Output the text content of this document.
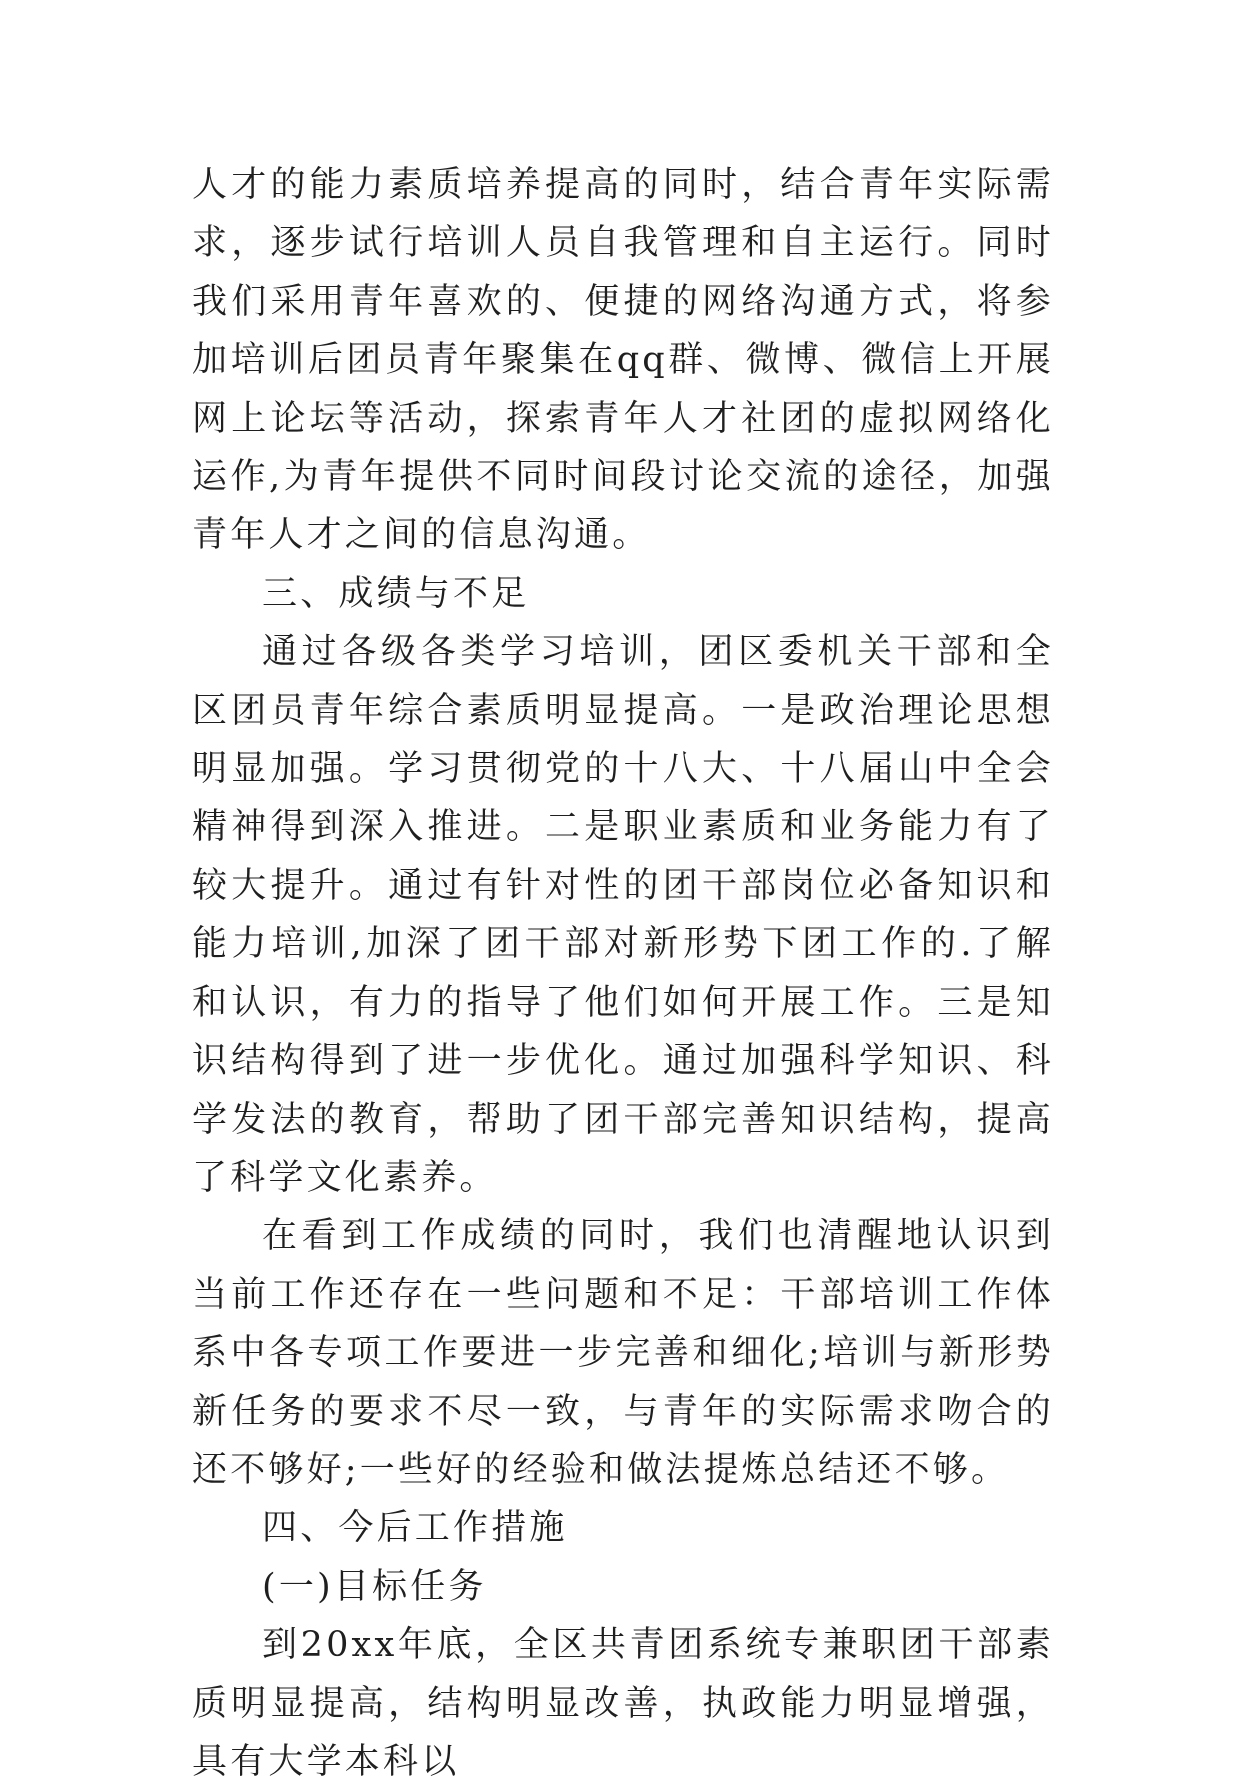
人才的能力素质培养提高的同时，结合青年实际需求，逐步试行培训人员自我管理和自主运行。同时我们采用青年喜欢的、便捷的网络沟通方式，将参加培训后团员青年聚集在qq群、微博、微信上开展网上论坛等活动，探索青年人才社团的虚拟网络化运作,为青年提供不同时间段讨论交流的途径，加强青年人才之间的信息沟通。

三、成绩与不足

通过各级各类学习培训，团区委机关干部和全区团员青年综合素质明显提高。一是政治理论思想明显加强。学习贯彻党的十八大、十八届山中全会精神得到深入推进。二是职业素质和业务能力有了较大提升。通过有针对性的团干部岗位必备知识和能力培训,加深了团干部对新形势下团工作的.了解和认识，有力的指导了他们如何开展工作。三是知识结构得到了进一步优化。通过加强科学知识、科学发法的教育，帮助了团干部完善知识结构，提高了科学文化素养。

在看到工作成绩的同时，我们也清醒地认识到当前工作还存在一些问题和不足：干部培训工作体系中各专项工作要进一步完善和细化;培训与新形势新任务的要求不尽一致，与青年的实际需求吻合的还不够好;一些好的经验和做法提炼总结还不够。

四、今后工作措施

(一)目标任务

到20xx年底，全区共青团系统专兼职团干部素质明显提高，结构明显改善，执政能力明显增强，具有大学本科以
